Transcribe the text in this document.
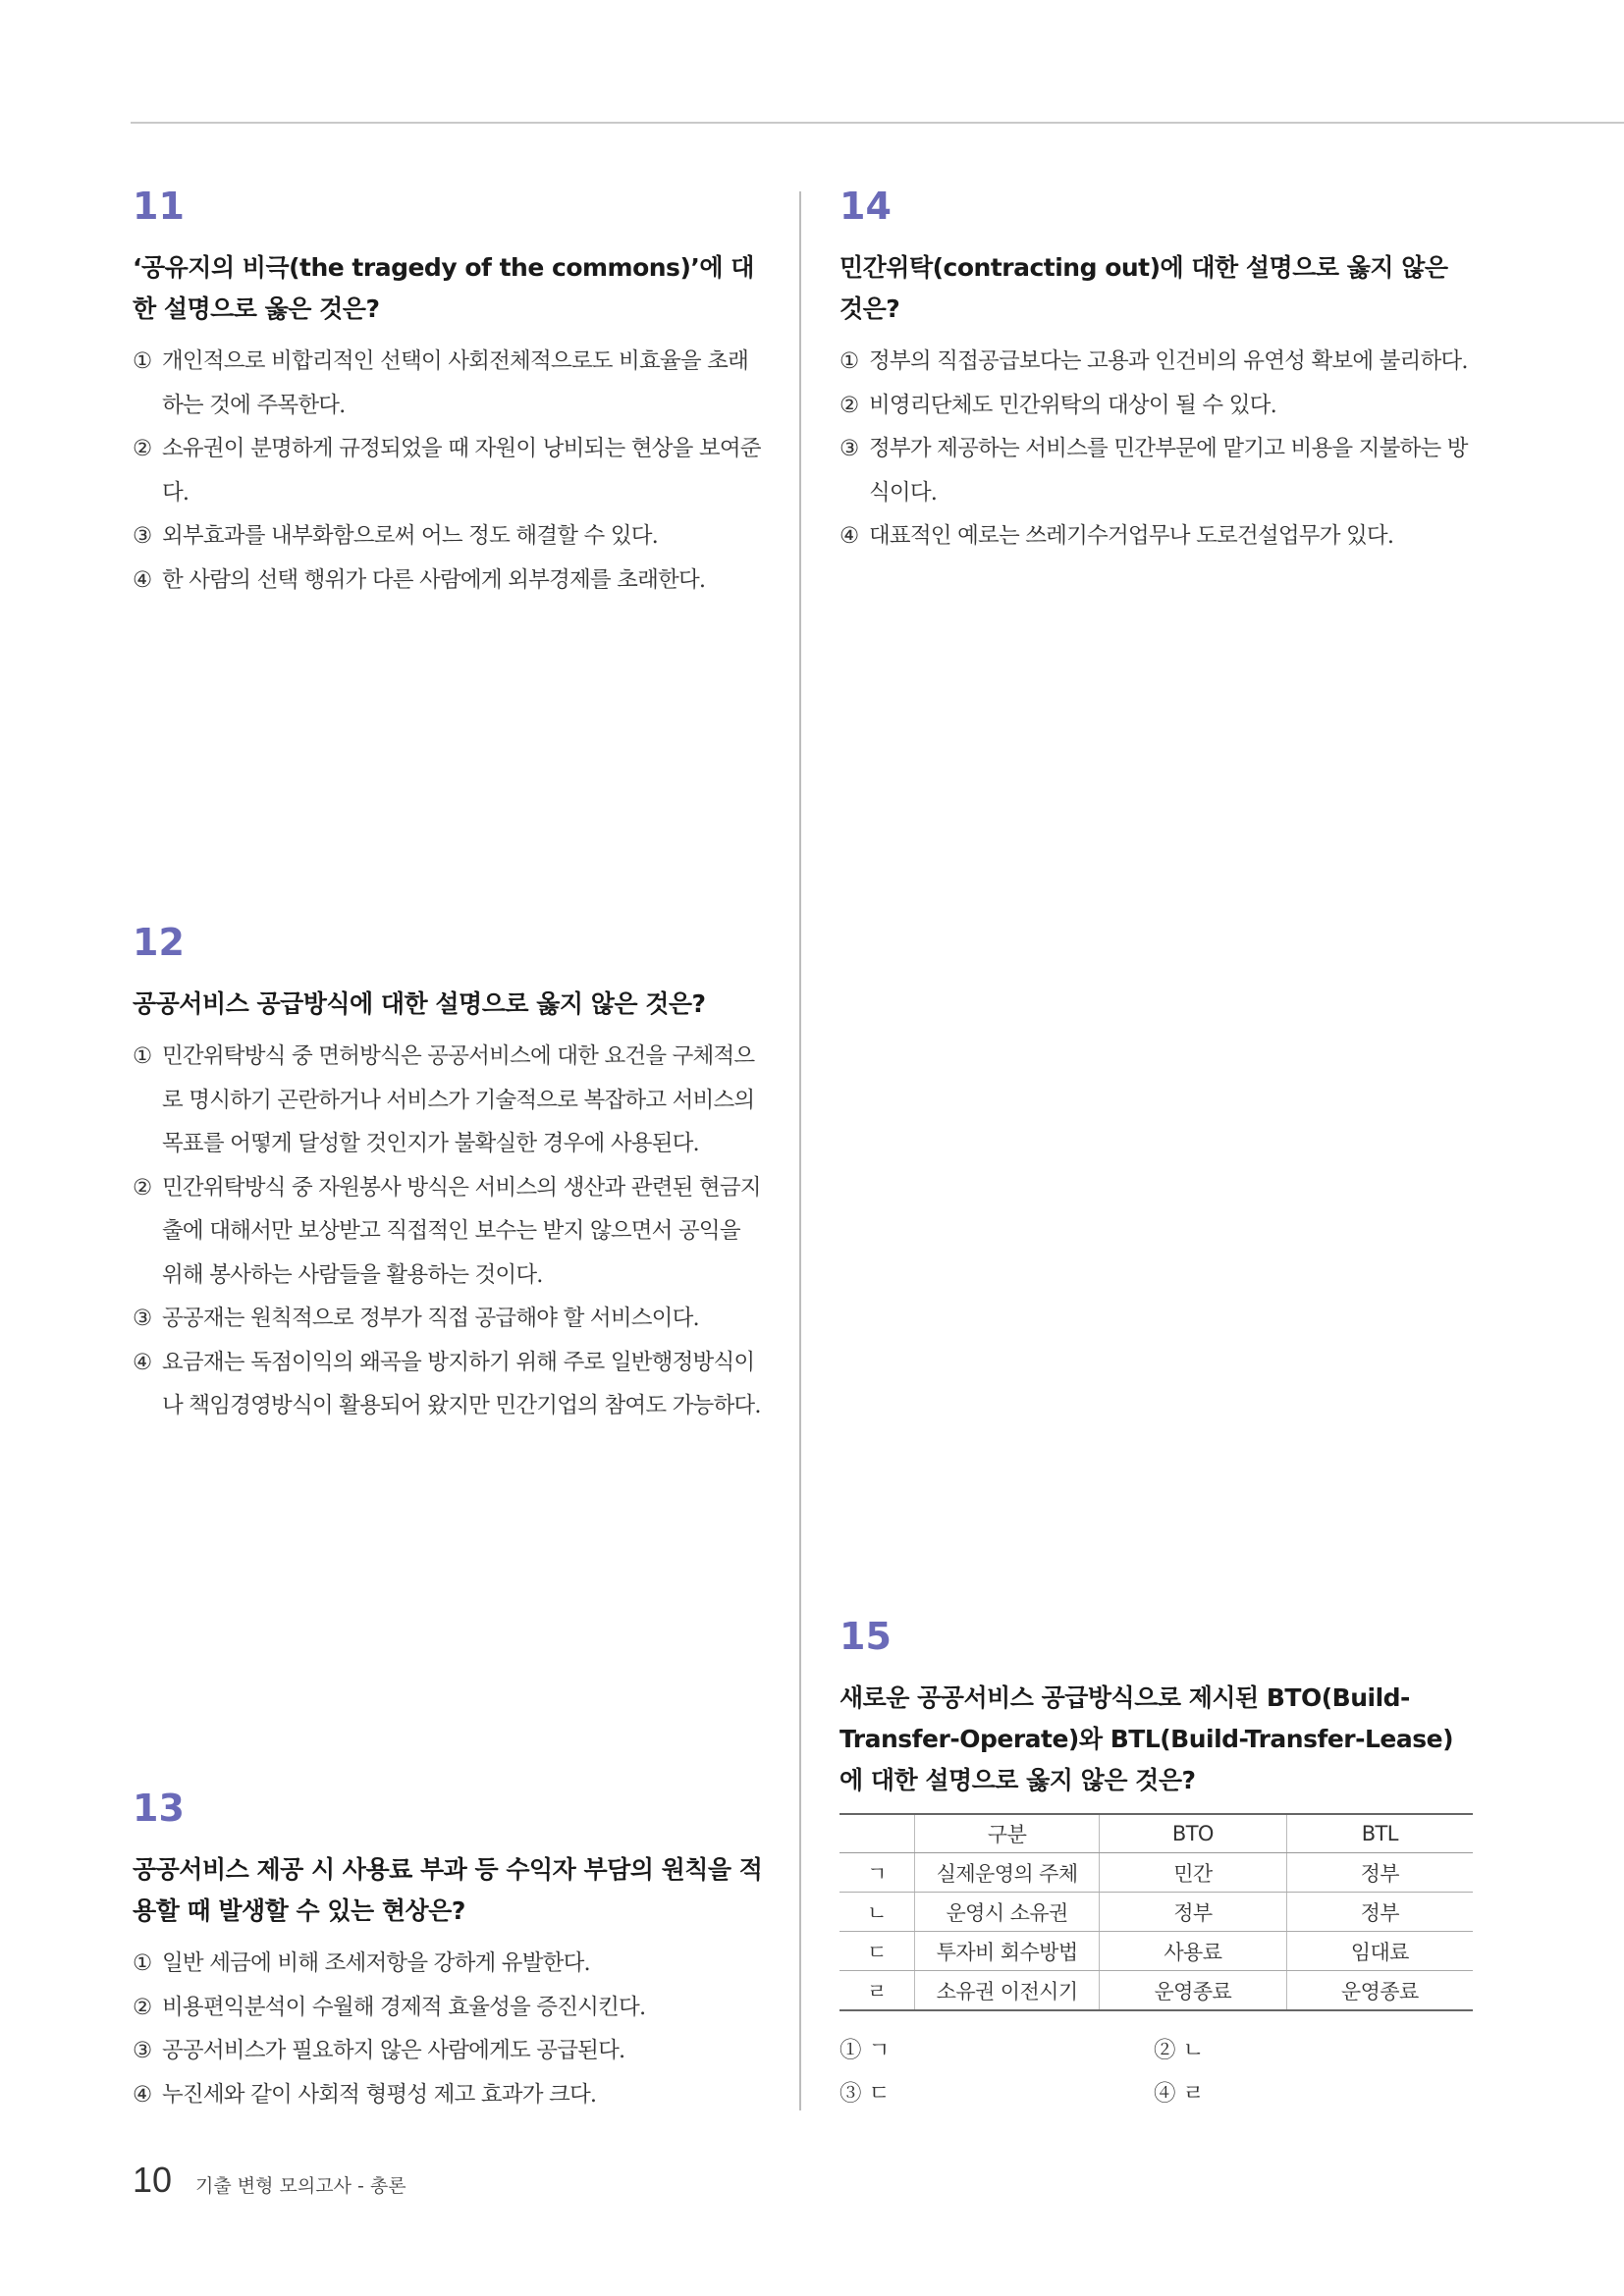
11
‘공유지의 비극(the tragedy of the commons)’에 대한 설명으로 옳은 것은?
① 개인적으로 비합리적인 선택이 사회전체적으로도 비효율을 초래하는 것에 주목한다.
② 소유권이 분명하게 규정되었을 때 자원이 낭비되는 현상을 보여준다.
③ 외부효과를 내부화함으로써 어느 정도 해결할 수 있다.
④ 한 사람의 선택 행위가 다른 사람에게 외부경제를 초래한다.
12
공공서비스 공급방식에 대한 설명으로 옳지 않은 것은?
① 민간위탁방식 중 면허방식은 공공서비스에 대한 요건을 구체적으로 명시하기 곤란하거나 서비스가 기술적으로 복잡하고 서비스의 목표를 어떻게 달성할 것인지가 불확실한 경우에 사용된다.
② 민간위탁방식 중 자원봉사 방식은 서비스의 생산과 관련된 현금지출에 대해서만 보상받고 직접적인 보수는 받지 않으면서 공익을 위해 봉사하는 사람들을 활용하는 것이다.
③ 공공재는 원칙적으로 정부가 직접 공급해야 할 서비스이다.
④ 요금재는 독점이익의 왜곡을 방지하기 위해 주로 일반행정방식이나 책임경영방식이 활용되어 왔지만 민간기업의 참여도 가능하다.
13
공공서비스 제공 시 사용료 부과 등 수익자 부담의 원칙을 적용할 때 발생할 수 있는 현상은?
① 일반 세금에 비해 조세저항을 강하게 유발한다.
② 비용편익분석이 수월해 경제적 효율성을 증진시킨다.
③ 공공서비스가 필요하지 않은 사람에게도 공급된다.
④ 누진세와 같이 사회적 형평성 제고 효과가 크다.
14
민간위탁(contracting out)에 대한 설명으로 옳지 않은 것은?
① 정부의 직접공급보다는 고용과 인건비의 유연성 확보에 불리하다.
② 비영리단체도 민간위탁의 대상이 될 수 있다.
③ 정부가 제공하는 서비스를 민간부문에 맡기고 비용을 지불하는 방식이다.
④ 대표적인 예로는 쓰레기수거업무나 도로건설업무가 있다.
15
새로운 공공서비스 공급방식으로 제시된 BTO(Build-Transfer-Operate)와 BTL(Build-Transfer-Lease)에 대한 설명으로 옳지 않은 것은?
	구분	BTO	BTL
ㄱ	실제운영의 주체	민간	정부
ㄴ	운영시 소유권	정부	정부
ㄷ	투자비 회수방법	사용료	임대료
ㄹ	소유권 이전시기	운영종료	운영종료
① ㄱ	② ㄴ
③ ㄷ	④ ㄹ
10 기출 변형 모의고사 - 총론
